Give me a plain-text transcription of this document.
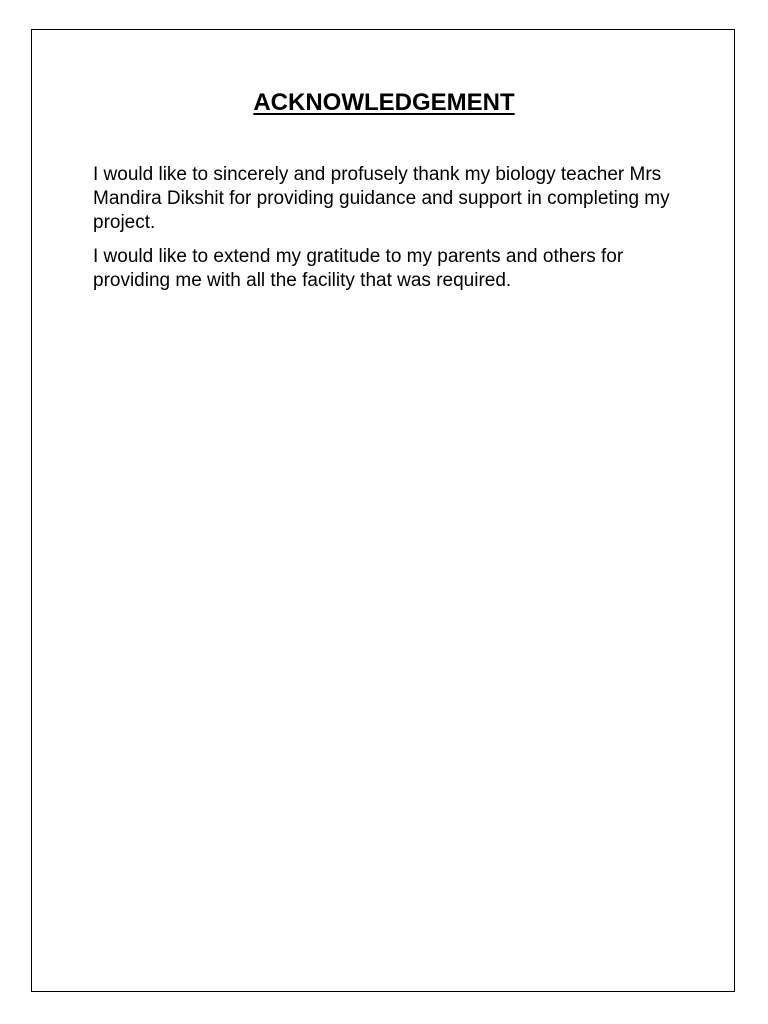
ACKNOWLEDGEMENT

I would like to sincerely and profusely thank my biology teacher Mrs Mandira Dikshit for providing guidance and support in completing my project.

I would like to extend my gratitude to my parents and others for providing me with all the facility that was required.
